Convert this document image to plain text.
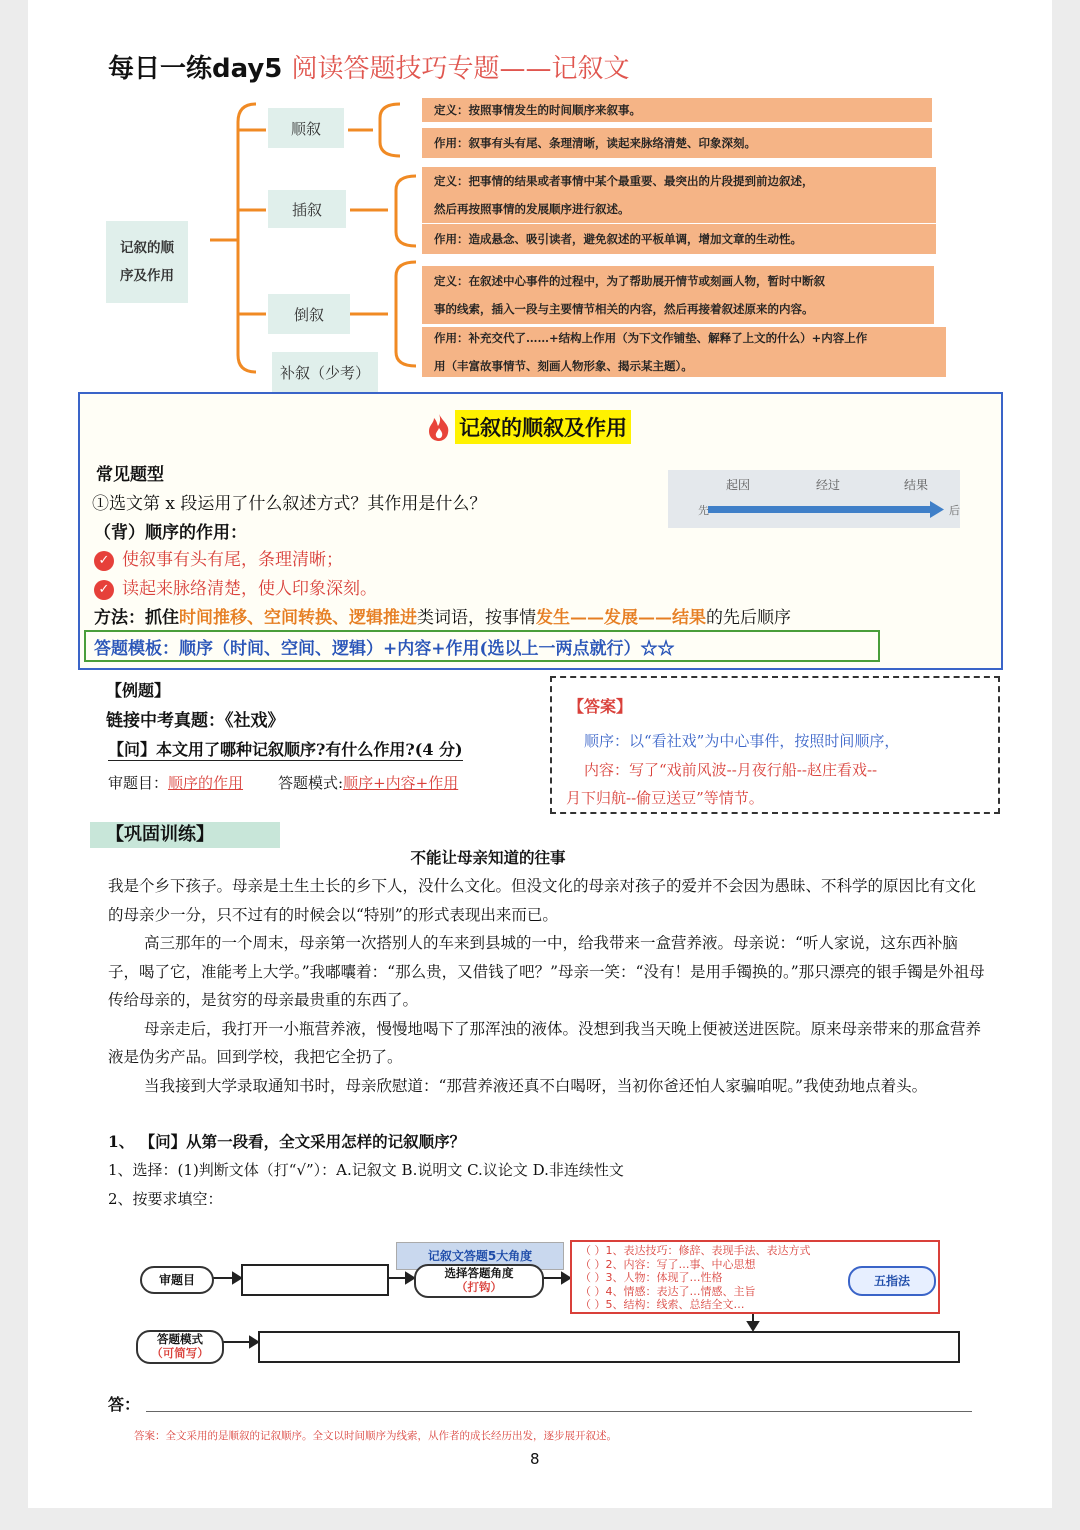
每日一练day5 阅读答题技巧专题——记叙文
记叙的顺序及作用
顺叙
插叙
倒叙
补叙（少考）
定义：按照事情发生的时间顺序来叙事。
作用：叙事有头有尾、条理清晰，读起来脉络清楚、印象深刻。
定义：把事情的结果或者事情中某个最重要、最突出的片段提到前边叙述，
然后再按照事情的发展顺序进行叙述。
作用：造成悬念、吸引读者，避免叙述的平板单调，增加文章的生动性。
定义：在叙述中心事件的过程中，为了帮助展开情节或刻画人物，暂时中断叙
事的线索，插入一段与主要情节相关的内容，然后再接着叙述原来的内容。
作用：补充交代了……+结构上作用（为下文作铺垫、解释了上文的什么）+内容上作
用（丰富故事情节、刻画人物形象、揭示某主题）。
记叙的顺叙及作用
常见题型
①选文第 x 段运用了什么叙述方式？其作用是什么？
（背）顺序的作用：
✓ 使叙事有头有尾，条理清晰；
✓ 读起来脉络清楚，使人印象深刻。
方法：抓住时间推移、空间转换、逻辑推进类词语，按事情发生——发展——结果的先后顺序
答题模板：顺序（时间、空间、逻辑）+内容+作用(选以上一两点就行）☆☆
先	后
起因	经过	结果
【例题】
链接中考真题：《社戏》
【问】本文用了哪种记叙顺序?有什么作用?(4 分)
审题目：顺序的作用 答题模式:顺序+内容+作用
【答案】
顺序：以“看社戏”为中心事件，按照时间顺序，
内容：写了“戏前风波--月夜行船--赵庄看戏--
月下归航--偷豆送豆”等情节。
【巩固训练】
不能让母亲知道的往事
我是个乡下孩子。母亲是土生土长的乡下人，没什么文化。但没文化的母亲对孩子的爱并不会因为愚昧、不科学的原因比有文化的母亲少一分，只不过有的时候会以“特别”的形式表现出来而已。
高三那年的一个周末，母亲第一次搭别人的车来到县城的一中，给我带来一盒营养液。母亲说：“听人家说，这东西补脑子，喝了它，准能考上大学。”我嘟囔着：“那么贵，又借钱了吧？”母亲一笑：“没有！是用手镯换的。”那只漂亮的银手镯是外祖母传给母亲的，是贫穷的母亲最贵重的东西了。
母亲走后，我打开一小瓶营养液，慢慢地喝下了那浑浊的液体。没想到我当天晚上便被送进医院。原来母亲带来的那盒营养液是伪劣产品。回到学校，我把它全扔了。
当我接到大学录取通知书时，母亲欣慰道：“那营养液还真不白喝呀，当初你爸还怕人家骗咱呢。”我使劲地点着头。
1、 【问】从第一段看，全文采用怎样的记叙顺序？
1、选择：(1)判断文体（打“√”）：A.记叙文 B.说明文 C.议论文 D.非连续性文
2、按要求填空：
审题目
记叙文答题5大角度
选择答题角度
（打钩）
（ ）1、表达技巧：修辞、表现手法、表达方式
（ ）2、内容：写了…事、中心思想
（ ）3、人物：体现了…性格
（ ）4、情感：表达了…情感、主旨
（ ）5、结构：线索、总结全文…
五指法
答题模式
（可简写）
答：
答案：全文采用的是顺叙的记叙顺序。全文以时间顺序为线索，从作者的成长经历出发，逐步展开叙述。
8
